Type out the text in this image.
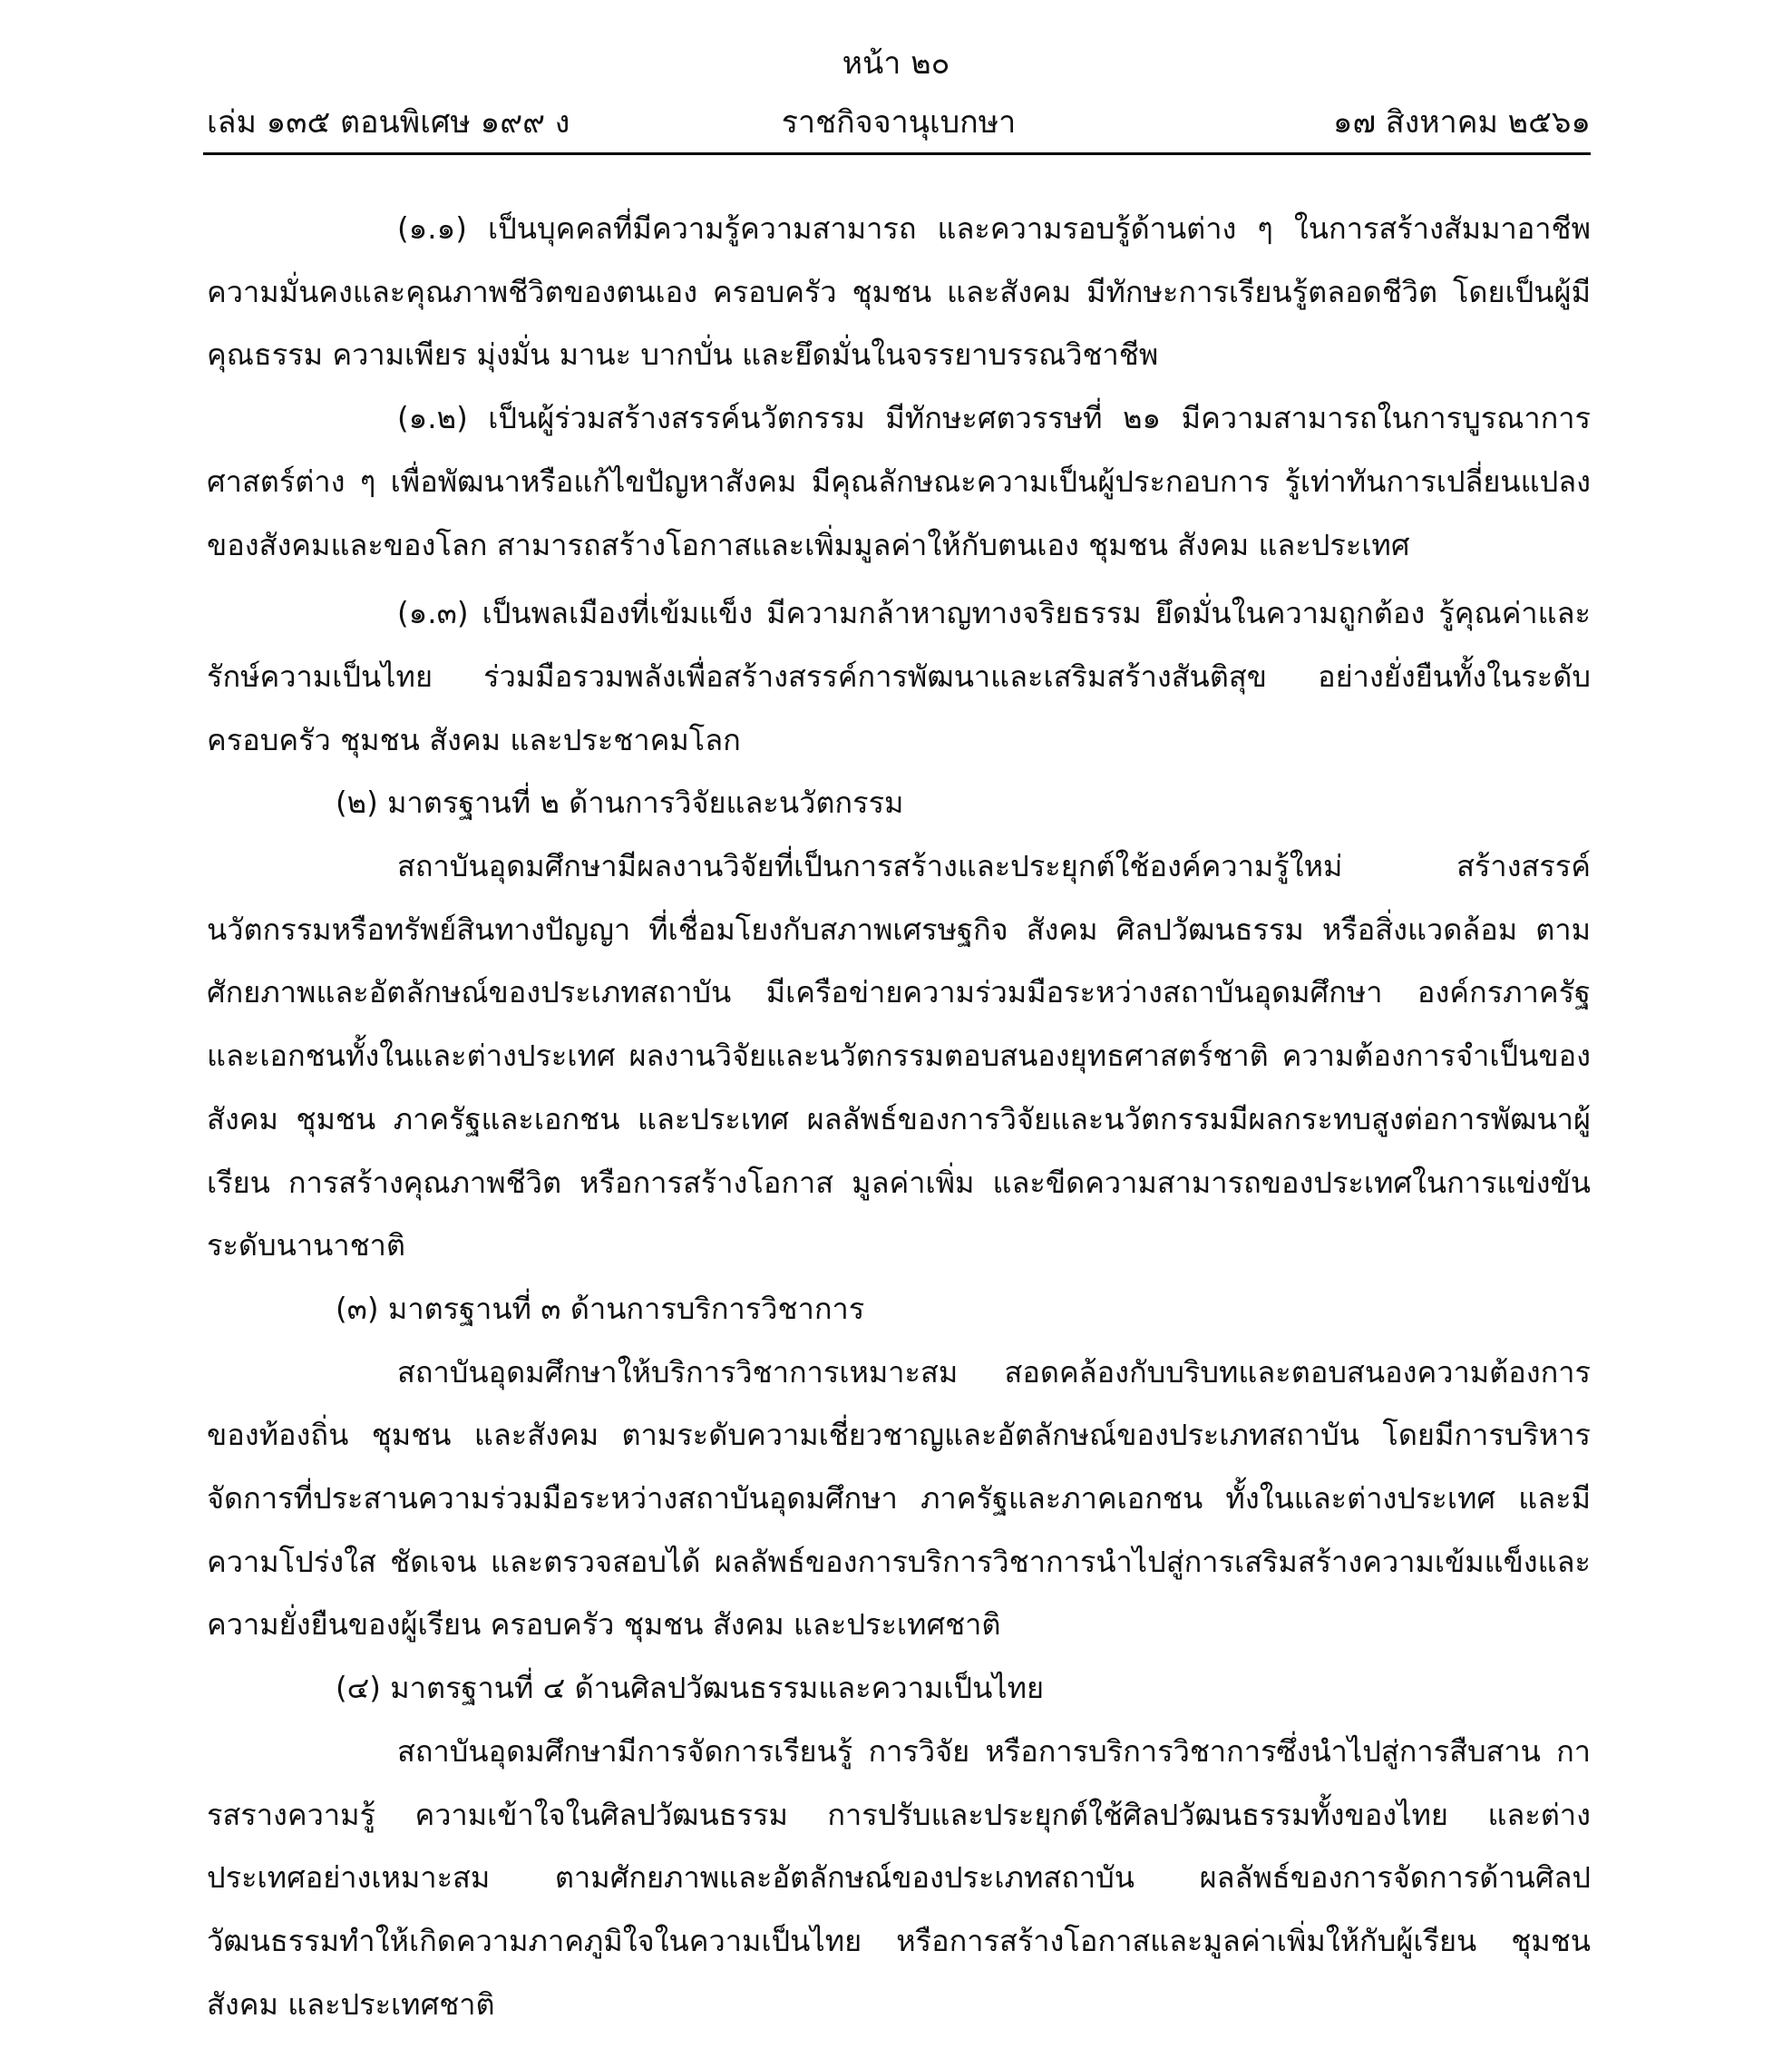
หน้า ๒๐
เล่ม ๑๓๕ ตอนพิเศษ ๑๙๙ ง	ราชกิจจานุเบกษา	๑๗ สิงหาคม ๒๕๖๑

(๑.๑) เป็นบุคคลที่มีความรู้ความสามารถ และความรอบรู้ด้านต่าง ๆ ในการสร้างสัมมาอาชีพ ความมั่นคงและคุณภาพชีวิตของตนเอง ครอบครัว ชุมชน และสังคม มีทักษะการเรียนรู้ตลอดชีวิต โดยเป็นผู้มีคุณธรรม ความเพียร มุ่งมั่น มานะ บากบั่น และยึดมั่นในจรรยาบรรณวิชาชีพ

(๑.๒) เป็นผู้ร่วมสร้างสรรค์นวัตกรรม มีทักษะศตวรรษที่ ๒๑ มีความสามารถในการบูรณาการศาสตร์ต่าง ๆ เพื่อพัฒนาหรือแก้ไขปัญหาสังคม มีคุณลักษณะความเป็นผู้ประกอบการ รู้เท่าทันการเปลี่ยนแปลงของสังคมและของโลก สามารถสร้างโอกาสและเพิ่มมูลค่าให้กับตนเอง ชุมชน สังคม และประเทศ

(๑.๓) เป็นพลเมืองที่เข้มแข็ง มีความกล้าหาญทางจริยธรรม ยึดมั่นในความถูกต้อง รู้คุณค่าและรักษ์ความเป็นไทย ร่วมมือรวมพลังเพื่อสร้างสรรค์การพัฒนาและเสริมสร้างสันติสุข อย่างยั่งยืนทั้งในระดับครอบครัว ชุมชน สังคม และประชาคมโลก

(๒) มาตรฐานที่ ๒ ด้านการวิจัยและนวัตกรรม

สถาบันอุดมศึกษามีผลงานวิจัยที่เป็นการสร้างและประยุกต์ใช้องค์ความรู้ใหม่ สร้างสรรค์นวัตกรรมหรือทรัพย์สินทางปัญญา ที่เชื่อมโยงกับสภาพเศรษฐกิจ สังคม ศิลปวัฒนธรรม หรือสิ่งแวดล้อม ตามศักยภาพและอัตลักษณ์ของประเภทสถาบัน มีเครือข่ายความร่วมมือระหว่างสถาบันอุดมศึกษา องค์กรภาครัฐและเอกชนทั้งในและต่างประเทศ ผลงานวิจัยและนวัตกรรมตอบสนองยุทธศาสตร์ชาติ ความต้องการจำเป็นของสังคม ชุมชน ภาครัฐและเอกชน และประเทศ ผลลัพธ์ของการวิจัยและนวัตกรรมมีผลกระทบสูงต่อการพัฒนาผู้เรียน การสร้างคุณภาพชีวิต หรือการสร้างโอกาส มูลค่าเพิ่ม และขีดความสามารถของประเทศในการแข่งขันระดับนานาชาติ

(๓) มาตรฐานที่ ๓ ด้านการบริการวิชาการ

สถาบันอุดมศึกษาให้บริการวิชาการเหมาะสม สอดคล้องกับบริบทและตอบสนองความต้องการของท้องถิ่น ชุมชน และสังคม ตามระดับความเชี่ยวชาญและอัตลักษณ์ของประเภทสถาบัน โดยมีการบริหารจัดการที่ประสานความร่วมมือระหว่างสถาบันอุดมศึกษา ภาครัฐและภาคเอกชน ทั้งในและต่างประเทศ และมีความโปร่งใส ชัดเจน และตรวจสอบได้ ผลลัพธ์ของการบริการวิชาการนำไปสู่การเสริมสร้างความเข้มแข็งและความยั่งยืนของผู้เรียน ครอบครัว ชุมชน สังคม และประเทศชาติ

(๔) มาตรฐานที่ ๔ ด้านศิลปวัฒนธรรมและความเป็นไทย

สถาบันอุดมศึกษามีการจัดการเรียนรู้ การวิจัย หรือการบริการวิชาการซึ่งนำไปสู่การสืบสาน การสรางความรู้ ความเข้าใจในศิลปวัฒนธรรม การปรับและประยุกต์ใช้ศิลปวัฒนธรรมทั้งของไทย และต่างประเทศอย่างเหมาะสม ตามศักยภาพและอัตลักษณ์ของประเภทสถาบัน ผลลัพธ์ของการจัดการด้านศิลปวัฒนธรรมทำให้เกิดความภาคภูมิใจในความเป็นไทย หรือการสร้างโอกาสและมูลค่าเพิ่มให้กับผู้เรียน ชุมชน สังคม และประเทศชาติ
